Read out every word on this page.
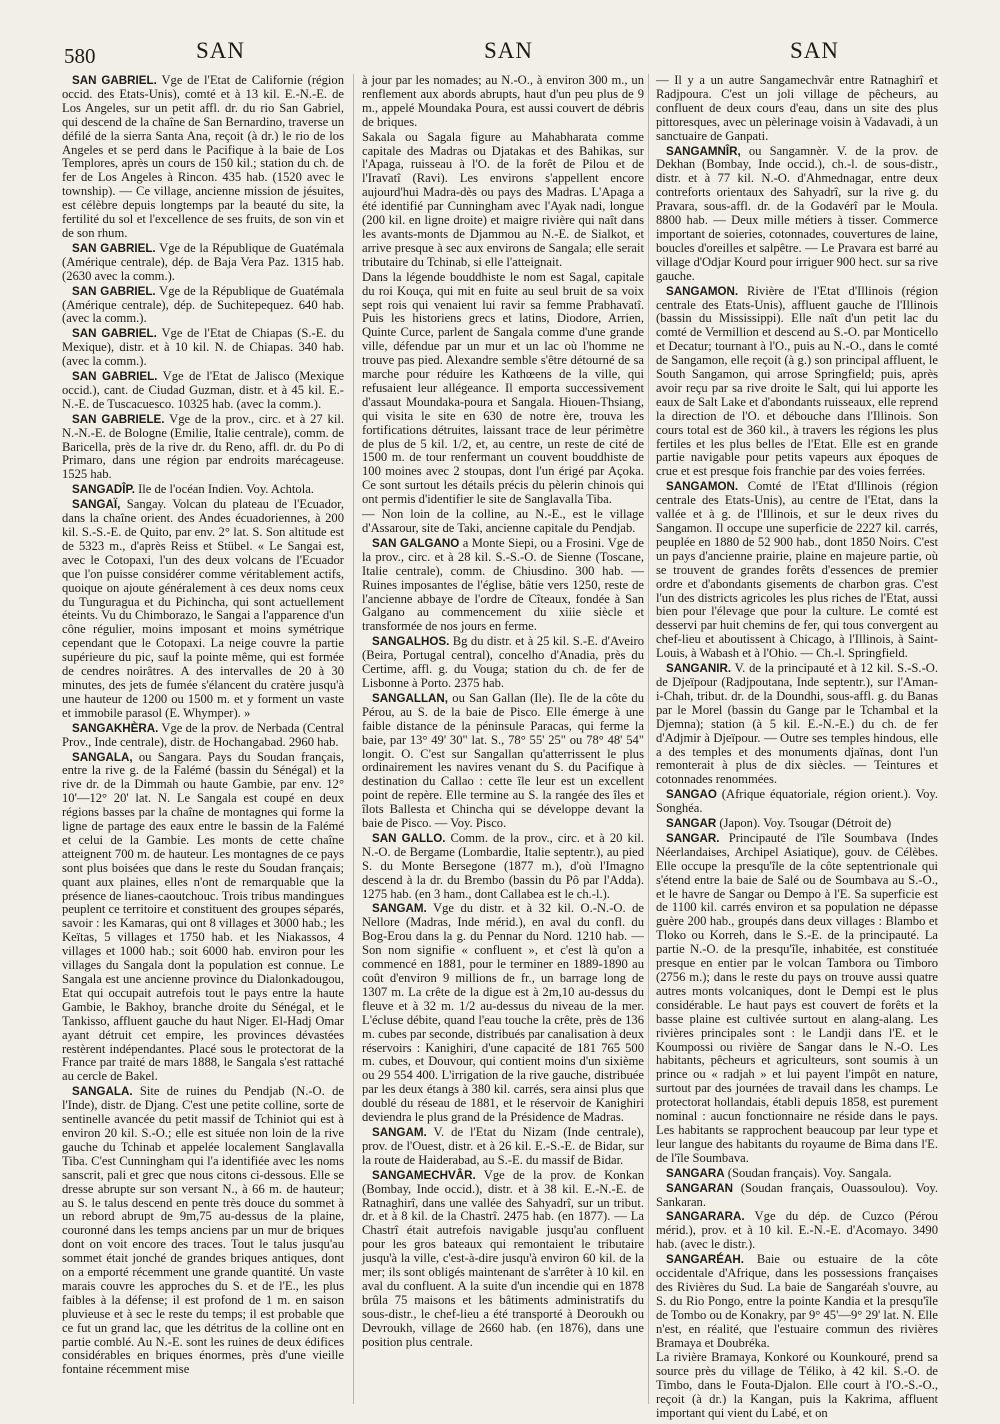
580	SAN	SAN	SAN

SAN GABRIEL. Vge de l'Etat de Californie (région occid. des Etats-Unis), comté et à 13 kil. E.-N.-E. de Los Angeles, sur un petit affl. dr. du rio San Gabriel, qui descend de la chaîne de San Bernardino, traverse un défilé de la sierra Santa Ana, reçoit (à dr.) le rio de los Angeles et se perd dans le Pacifique à la baie de Los Templores, après un cours de 150 kil.; station du ch. de fer de Los Angeles à Rincon. 435 hab. (1520 avec le township). — Ce village, ancienne mission de jésuites, est célèbre depuis longtemps par la beauté du site, la fertilité du sol et l'excellence de ses fruits, de son vin et de son rhum.

SAN GABRIEL. Vge de la République de Guatémala (Amérique centrale), dép. de Baja Vera Paz. 1315 hab. (2630 avec la comm.).

SAN GABRIEL. Vge de la République de Guatémala (Amérique centrale), dép. de Suchitepequez. 640 hab. (avec la comm.).

SAN GABRIEL. Vge de l'Etat de Chiapas (S.-E. du Mexique), distr. et à 10 kil. N. de Chiapas. 340 hab. (avec la comm.).

SAN GABRIEL. Vge de l'Etat de Jalisco (Mexique occid.), cant. de Ciudad Guzman, distr. et à 45 kil. E.-N.-E. de Tuscacuesco. 10325 hab. (avec la comm.).

SAN GABRIELE. Vge de la prov., circ. et à 27 kil. N.-N.-E. de Bologne (Emilie, Italie centrale), comm. de Baricella, près de la rive dr. du Reno, affl. dr. du Po di Primaro, dans une région par endroits marécageuse. 1525 hab.

SANGADÎP. Ile de l'océan Indien. Voy. Achtola.

SANGAÏ, Sangay. Volcan du plateau de l'Ecuador, dans la chaîne orient. des Andes écuadoriennes, à 200 kil. S.-S.-E. de Quito, par env. 2° lat. S. Son altitude est de 5323 m., d'après Reiss et Stübel. « Le Sangai est, avec le Cotopaxi, l'un des deux volcans de l'Ecuador que l'on puisse considérer comme véritablement actifs, quoique on ajoute généralement à ces deux noms ceux du Tunguragua et du Pichincha, qui sont actuellement éteints. Vu du Chimborazo, le Sangai a l'apparence d'un cône régulier, moins imposant et moins symétrique cependant que le Cotopaxi. La neige couvre la partie supérieure du pic, sauf la pointe même, qui est formée de cendres noirâtres. A des intervalles de 20 à 30 minutes, des jets de fumée s'élancent du cratère jusqu'à une hauteur de 1200 ou 1500 m. et y forment un vaste et immobile parasol (E. Whymper). »

SANGAKHÈRA. Vge de la prov. de Nerbada (Central Prov., Inde centrale), distr. de Hochangabad. 2960 hab.

SANGALA, ou Sangara. Pays du Soudan français, entre la rive g. de la Falémé (bassin du Sénégal) et la rive dr. de la Dimmah ou haute Gambie, par env. 12° 10'—12° 20' lat. N. Le Sangala est coupé en deux régions basses par la chaîne de montagnes qui forme la ligne de partage des eaux entre le bassin de la Falémé et celui de la Gambie. Les monts de cette chaîne atteignent 700 m. de hauteur. Les montagnes de ce pays sont plus boisées que dans le reste du Soudan français; quant aux plaines, elles n'ont de remarquable que la présence de lianes-caoutchouc. Trois tribus mandingues peuplent ce territoire et constituent des groupes séparés, savoir : les Kamaras, qui ont 8 villages et 3000 hab.; les Keïtas, 5 villages et 1750 hab. et les Niakassos, 4 villages et 1000 hab.; soit 6000 hab. environ pour les villages du Sangala dont la population est connue. Le Sangala est une ancienne province du Dialonkadougou, Etat qui occupait autrefois tout le pays entre la haute Gambie, le Bakhoy, branche droite du Sénégal, et le Tankisso, affluent gauche du haut Niger. El-Hadj Omar ayant détruit cet empire, les provinces dévastées restèrent indépendantes. Placé sous le protectorat de la France par traité de mars 1888, le Sangala s'est rattaché au cercle de Bakel.

SANGALA. Site de ruines du Pendjab (N.-O. de l'Inde), distr. de Djang. C'est une petite colline, sorte de sentinelle avancée du petit massif de Tchiniot qui est à environ 20 kil. S.-O.; elle est située non loin de la rive gauche du Tchinab et appelée localement Sanglavalla Tiba. C'est Cunningham qui l'a identifiée avec les noms sanscrit, pali et grec que nous citons ci-dessous. Elle se dresse abrupte sur son versant N., à 66 m. de hauteur; au S. le talus descend en pente très douce du sommet à un rebord abrupt de 9m,75 au-dessus de la plaine, couronné dans les temps anciens par un mur de briques dont on voit encore des traces. Tout le talus jusqu'au sommet était jonché de grandes briques antiques, dont on a emporté récemment une grande quantité. Un vaste marais couvre les approches du S. et de l'E., les plus faibles à la défense; il est profond de 1 m. en saison pluvieuse et à sec le reste du temps; il est probable que ce fut un grand lac, que les détritus de la colline ont en partie comblé. Au N.-E. sont les ruines de deux édifices considérables en briques énormes, près d'une vieille fontaine récemment mise

à jour par les nomades; au N.-O., à environ 300 m., un renflement aux abords abrupts, haut d'un peu plus de 9 m., appelé Moundaka Poura, est aussi couvert de débris de briques.

Sakala ou Sagala figure au Mahabharata comme capitale des Madras ou Djatakas et des Bahikas, sur l'Apaga, ruisseau à l'O. de la forêt de Pilou et de l'Iravatî (Ravi). Les environs s'appellent encore aujourd'hui Madra-dès ou pays des Madras. L'Apaga a été identifié par Cunningham avec l'Ayak nadi, longue (200 kil. en ligne droite) et maigre rivière qui naît dans les avants-monts de Djammou au N.-E. de Sialkot, et arrive presque à sec aux environs de Sangala; elle serait tributaire du Tchinab, si elle l'atteignait.

Dans la légende bouddhiste le nom est Sagal, capitale du roi Kouça, qui mit en fuite au seul bruit de sa voix sept rois qui venaient lui ravir sa femme Prabhavatî. Puis les historiens grecs et latins, Diodore, Arrien, Quinte Curce, parlent de Sangala comme d'une grande ville, défendue par un mur et un lac où l'homme ne trouve pas pied. Alexandre semble s'être détourné de sa marche pour réduire les Kathœens de la ville, qui refusaient leur allégeance. Il emporta successivement d'assaut Moundaka-poura et Sangala. Hiouen-Thsiang, qui visita le site en 630 de notre ère, trouva les fortifications détruites, laissant trace de leur périmètre de plus de 5 kil. 1/2, et, au centre, un reste de cité de 1500 m. de tour renfermant un couvent bouddhiste de 100 moines avec 2 stoupas, dont l'un érigé par Açoka. Ce sont surtout les détails précis du pèlerin chinois qui ont permis d'identifier le site de Sanglavalla Tiba.

— Non loin de la colline, au N.-E., est le village d'Assarour, site de Taki, ancienne capitale du Pendjab.

SAN GALGANO a Monte Siepi, ou a Frosini. Vge de la prov., circ. et à 28 kil. S.-S.-O. de Sienne (Toscane, Italie centrale), comm. de Chiusdino. 300 hab. — Ruines imposantes de l'église, bâtie vers 1250, reste de l'ancienne abbaye de l'ordre de Cîteaux, fondée à San Galgano au commencement du xiiie siècle et transformée de nos jours en ferme.

SANGALHOS. Bg du distr. et à 25 kil. S.-E. d'Aveiro (Beira, Portugal central), concelho d'Anadia, près du Certime, affl. g. du Vouga; station du ch. de fer de Lisbonne à Porto. 2375 hab.

SANGALLAN, ou San Gallan (Ile). Ile de la côte du Pérou, au S. de la baie de Pisco. Elle émerge à une faible distance de la péninsule Paracas, qui ferme la baie, par 13° 49' 30" lat. S., 78° 55' 25" ou 78° 48' 54" longit. O. C'est sur Sangallan qu'atterrissent le plus ordinairement les navires venant du S. du Pacifique à destination du Callao : cette île leur est un excellent point de repère. Elle termine au S. la rangée des îles et îlots Ballesta et Chincha qui se développe devant la baie de Pisco. — Voy. Pisco.

SAN GALLO. Comm. de la prov., circ. et à 20 kil. N.-O. de Bergame (Lombardie, Italie septentr.), au pied S. du Monte Bersegone (1877 m.), d'où l'Imagno descend à la dr. du Brembo (bassin du Pô par l'Adda). 1275 hab. (en 3 ham., dont Callabea est le ch.-l.).

SANGAM. Vge du distr. et à 32 kil. O.-N.-O. de Nellore (Madras, Inde mérid.), en aval du confl. du Bog-Erou dans la g. du Pennar du Nord. 1210 hab. — Son nom signifie « confluent », et c'est là qu'on a commencé en 1881, pour le terminer en 1889-1890 au coût d'environ 9 millions de fr., un barrage long de 1307 m. La crête de la digue est à 2m,10 au-dessus du fleuve et à 32 m. 1/2 au-dessus du niveau de la mer. L'écluse débite, quand l'eau touche la crête, près de 136 m. cubes par seconde, distribués par canalisation à deux réservoirs : Kanighiri, d'une capacité de 181 765 500 m. cubes, et Douvour, qui contient moins d'un sixième ou 29 554 400. L'irrigation de la rive gauche, distribuée par les deux étangs à 380 kil. carrés, sera ainsi plus que doublé du réseau de 1881, et le réservoir de Kanighiri deviendra le plus grand de la Présidence de Madras.

SANGAM. V. de l'Etat du Nizam (Inde centrale), prov. de l'Ouest, distr. et à 26 kil. E.-S.-E. de Bidar, sur la route de Haiderabad, au S.-E. du massif de Bidar.

SANGAMECHVÂR. Vge de la prov. de Konkan (Bombay, Inde occid.), distr. et à 38 kil. E.-N.-E. de Ratnaghirî, dans une vallée des Sahyadrî, sur un tribut. dr. et à 8 kil. de la Chastrî. 2475 hab. (en 1877). — La Chastrî était autrefois navigable jusqu'au confluent pour les gros bateaux qui remontaient le tributaire jusqu'à la ville, c'est-à-dire jusqu'à environ 60 kil. de la mer; ils sont obligés maintenant de s'arrêter à 10 kil. en aval du confluent. A la suite d'un incendie qui en 1878 brûla 75 maisons et les bâtiments administratifs du sous-distr., le chef-lieu a été transporté à Deoroukh ou Devroukh, village de 2660 hab. (en 1876), dans une position plus centrale.

— Il y a un autre Sangamechvâr entre Ratnaghirî et Radjpoura. C'est un joli village de pêcheurs, au confluent de deux cours d'eau, dans un site des plus pittoresques, avec un pèlerinage voisin à Vadavadi, à un sanctuaire de Ganpati.

SANGAMNÎR, ou Sangamnèr. V. de la prov. de Dekhan (Bombay, Inde occid.), ch.-l. de sous-distr., distr. et à 77 kil. N.-O. d'Ahmednagar, entre deux contreforts orientaux des Sahyadrî, sur la rive g. du Pravara, sous-affl. dr. de la Godavérî par le Moula. 8800 hab. — Deux mille métiers à tisser. Commerce important de soieries, cotonnades, couvertures de laine, boucles d'oreilles et salpêtre. — Le Pravara est barré au village d'Odjar Kourd pour irriguer 900 hect. sur sa rive gauche.

SANGAMON. Rivière de l'Etat d'Illinois (région centrale des Etats-Unis), affluent gauche de l'Illinois (bassin du Mississippi). Elle naît d'un petit lac du comté de Vermillion et descend au S.-O. par Monticello et Decatur; tournant à l'O., puis au N.-O., dans le comté de Sangamon, elle reçoit (à g.) son principal affluent, le South Sangamon, qui arrose Springfield; puis, après avoir reçu par sa rive droite le Salt, qui lui apporte les eaux de Salt Lake et d'abondants ruisseaux, elle reprend la direction de l'O. et débouche dans l'Illinois. Son cours total est de 360 kil., à travers les régions les plus fertiles et les plus belles de l'Etat. Elle est en grande partie navigable pour petits vapeurs aux époques de crue et est presque fois franchie par des voies ferrées.

SANGAMON. Comté de l'Etat d'Illinois (région centrale des Etats-Unis), au centre de l'Etat, dans la vallée et à g. de l'Illinois, et sur le deux rives du Sangamon. Il occupe une superficie de 2227 kil. carrés, peuplée en 1880 de 52 900 hab., dont 1850 Noirs. C'est un pays d'ancienne prairie, plaine en majeure partie, où se trouvent de grandes forêts d'essences de premier ordre et d'abondants gisements de charbon gras. C'est l'un des districts agricoles les plus riches de l'Etat, aussi bien pour l'élevage que pour la culture. Le comté est desservi par huit chemins de fer, qui tous convergent au chef-lieu et aboutissent à Chicago, à l'Illinois, à Saint-Louis, à Wabash et à l'Ohio. — Ch.-l. Springfield.

SANGANIR. V. de la principauté et à 12 kil. S.-S.-O. de Djeïpour (Radjpoutana, Inde septentr.), sur l'Aman-i-Chah, tribut. dr. de la Doundhi, sous-affl. g. du Banas par le Morel (bassin du Gange par le Tchambal et la Djemna); station (à 5 kil. E.-N.-E.) du ch. de fer d'Adjmir à Djeïpour. — Outre ses temples hindous, elle a des temples et des monuments djaïnas, dont l'un remonterait à plus de dix siècles. — Teintures et cotonnades renommées.

SANGAO (Afrique équatoriale, région orient.). Voy. Songhéa.

SANGAR (Japon). Voy. Tsougar (Détroit de)

SANGAR. Principauté de l'île Soumbava (Indes Néerlandaises, Archipel Asiatique), gouv. de Célèbes. Elle occupe la presqu'île de la côte septentrionale qui s'étend entre la baie de Salé ou de Soumbava au S.-O., et le havre de Sangar ou Dempo à l'E. Sa superficie est de 1100 kil. carrés environ et sa population ne dépasse guère 200 hab., groupés dans deux villages : Blambo et Tloko ou Korreh, dans le S.-E. de la principauté. La partie N.-O. de la presqu'île, inhabitée, est constituée presque en entier par le volcan Tambora ou Timboro (2756 m.); dans le reste du pays on trouve aussi quatre autres monts volcaniques, dont le Dempi est le plus considérable. Le haut pays est couvert de forêts et la basse plaine est cultivée surtout en alang-alang. Les rivières principales sont : le Landji dans l'E. et le Koumpossi ou rivière de Sangar dans le N.-O. Les habitants, pêcheurs et agriculteurs, sont soumis à un prince ou « radjah » et lui payent l'impôt en nature, surtout par des journées de travail dans les champs. Le protectorat hollandais, établi depuis 1858, est purement nominal : aucun fonctionnaire ne réside dans le pays. Les habitants se rapprochent beaucoup par leur type et leur langue des habitants du royaume de Bima dans l'E. de l'île Soumbava.

SANGARA (Soudan français). Voy. Sangala.

SANGARAN (Soudan français, Ouassoulou). Voy. Sankaran.

SANGARARA. Vge du dép. de Cuzco (Pérou mérid.), prov. et à 10 kil. E.-N.-E. d'Acomayo. 3490 hab. (avec le distr.).

SANGARÉAH. Baie ou estuaire de la côte occidentale d'Afrique, dans les possessions françaises des Rivières du Sud. La baie de Sangaréah s'ouvre, au S. du Rio Pongo, entre la pointe Kandia et la presqu'île de Tombo ou de Konakry, par 9° 45'—9° 29' lat. N. Elle n'est, en réalité, que l'estuaire commun des rivières Bramaya et Doubréka.

La rivière Bramaya, Konkoré ou Kounkouré, prend sa source près du village de Téliko, à 42 kil. S.-O. de Timbo, dans le Fouta-Djalon. Elle court à l'O.-S.-O., reçoit (à dr.) la Kangan, puis la Kakrima, affluent important qui vient du Labé, et on
